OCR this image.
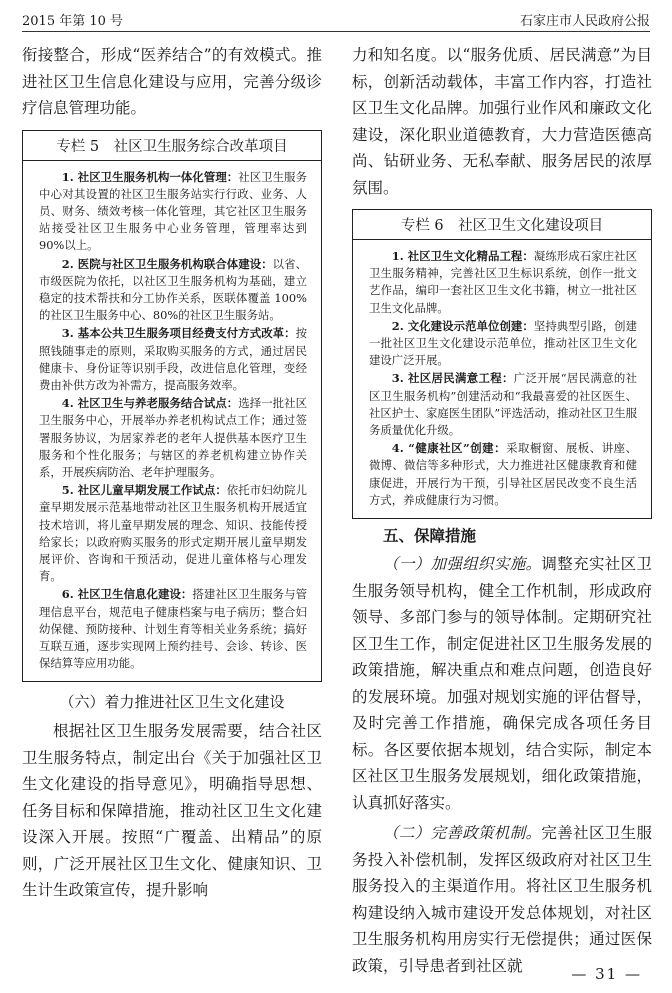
2015 年第 10 号	石家庄市人民政府公报

衔接整合，形成“医养结合”的有效模式。推进社区卫生信息化建设与应用，完善分级诊疗信息管理功能。

专栏 5　社区卫生服务综合改革项目

1. 社区卫生服务机构一体化管理：社区卫生服务中心对其设置的社区卫生服务站实行行政、业务、人员、财务、绩效考核一体化管理，其它社区卫生服务站接受社区卫生服务中心业务管理，管理率达到 90%以上。

2. 医院与社区卫生服务机构联合体建设：以省、市级医院为依托，以社区卫生服务机构为基础，建立稳定的技术帮扶和分工协作关系，医联体覆盖 100%的社区卫生服务中心、80%的社区卫生服务站。

3. 基本公共卫生服务项目经费支付方式改革：按照钱随事走的原则，采取购买服务的方式，通过居民健康卡、身份证等识别手段，改进信息化管理，变经费由补供方改为补需方，提高服务效率。

4. 社区卫生与养老服务结合试点：选择一批社区卫生服务中心，开展举办养老机构试点工作；通过签署服务协议，为居家养老的老年人提供基本医疗卫生服务和个性化服务；与辖区的养老机构建立协作关系，开展疾病防治、老年护理服务。

5. 社区儿童早期发展工作试点：依托市妇幼院儿童早期发展示范基地带动社区卫生服务机构开展适宜技术培训，将儿童早期发展的理念、知识、技能传授给家长；以政府购买服务的形式定期开展儿童早期发展评价、咨询和干预活动，促进儿童体格与心理发育。

6. 社区卫生信息化建设：搭建社区卫生服务与管理信息平台，规范电子健康档案与电子病历；整合妇幼保健、预防接种、计划生育等相关业务系统；搞好互联互通，逐步实现网上预约挂号、会诊、转诊、医保结算等应用功能。

（六）着力推进社区卫生文化建设

根据社区卫生服务发展需要，结合社区卫生服务特点，制定出台《关于加强社区卫生文化建设的指导意见》，明确指导思想、任务目标和保障措施，推动社区卫生文化建设深入开展。按照“广覆盖、出精品”的原则，广泛开展社区卫生文化、健康知识、卫生计生政策宣传，提升影响

力和知名度。以“服务优质、居民满意”为目标，创新活动载体，丰富工作内容，打造社区卫生文化品牌。加强行业作风和廉政文化建设，深化职业道德教育，大力营造医德高尚、钻研业务、无私奉献、服务居民的浓厚氛围。

专栏 6　社区卫生文化建设项目

1. 社区卫生文化精品工程：凝练形成石家庄社区卫生服务精神，完善社区卫生标识系统，创作一批文艺作品，编印一套社区卫生文化书籍，树立一批社区卫生文化品牌。

2. 文化建设示范单位创建：坚持典型引路，创建一批社区卫生文化建设示范单位，推动社区卫生文化建设广泛开展。

3. 社区居民满意工程：广泛开展“居民满意的社区卫生服务机构”创建活动和“我最喜爱的社区医生、社区护士、家庭医生团队”评选活动，推动社区卫生服务质量优化升级。

4. “健康社区”创建：采取橱窗、展板、讲座、微博、微信等多种形式，大力推进社区健康教育和健康促进，开展行为干预，引导社区居民改变不良生活方式，养成健康行为习惯。

五、保障措施

（一）加强组织实施。调整充实社区卫生服务领导机构，健全工作机制，形成政府领导、多部门参与的领导体制。定期研究社区卫生工作，制定促进社区卫生服务发展的政策措施，解决重点和难点问题，创造良好的发展环境。加强对规划实施的评估督导，及时完善工作措施，确保完成各项任务目标。各区要依据本规划，结合实际，制定本区社区卫生服务发展规划，细化政策措施，认真抓好落实。

（二）完善政策机制。完善社区卫生服务投入补偿机制，发挥区级政府对社区卫生服务投入的主渠道作用。将社区卫生服务机构建设纳入城市建设开发总体规划，对社区卫生服务机构用房实行无偿提供；通过医保政策，引导患者到社区就	— 31 —
